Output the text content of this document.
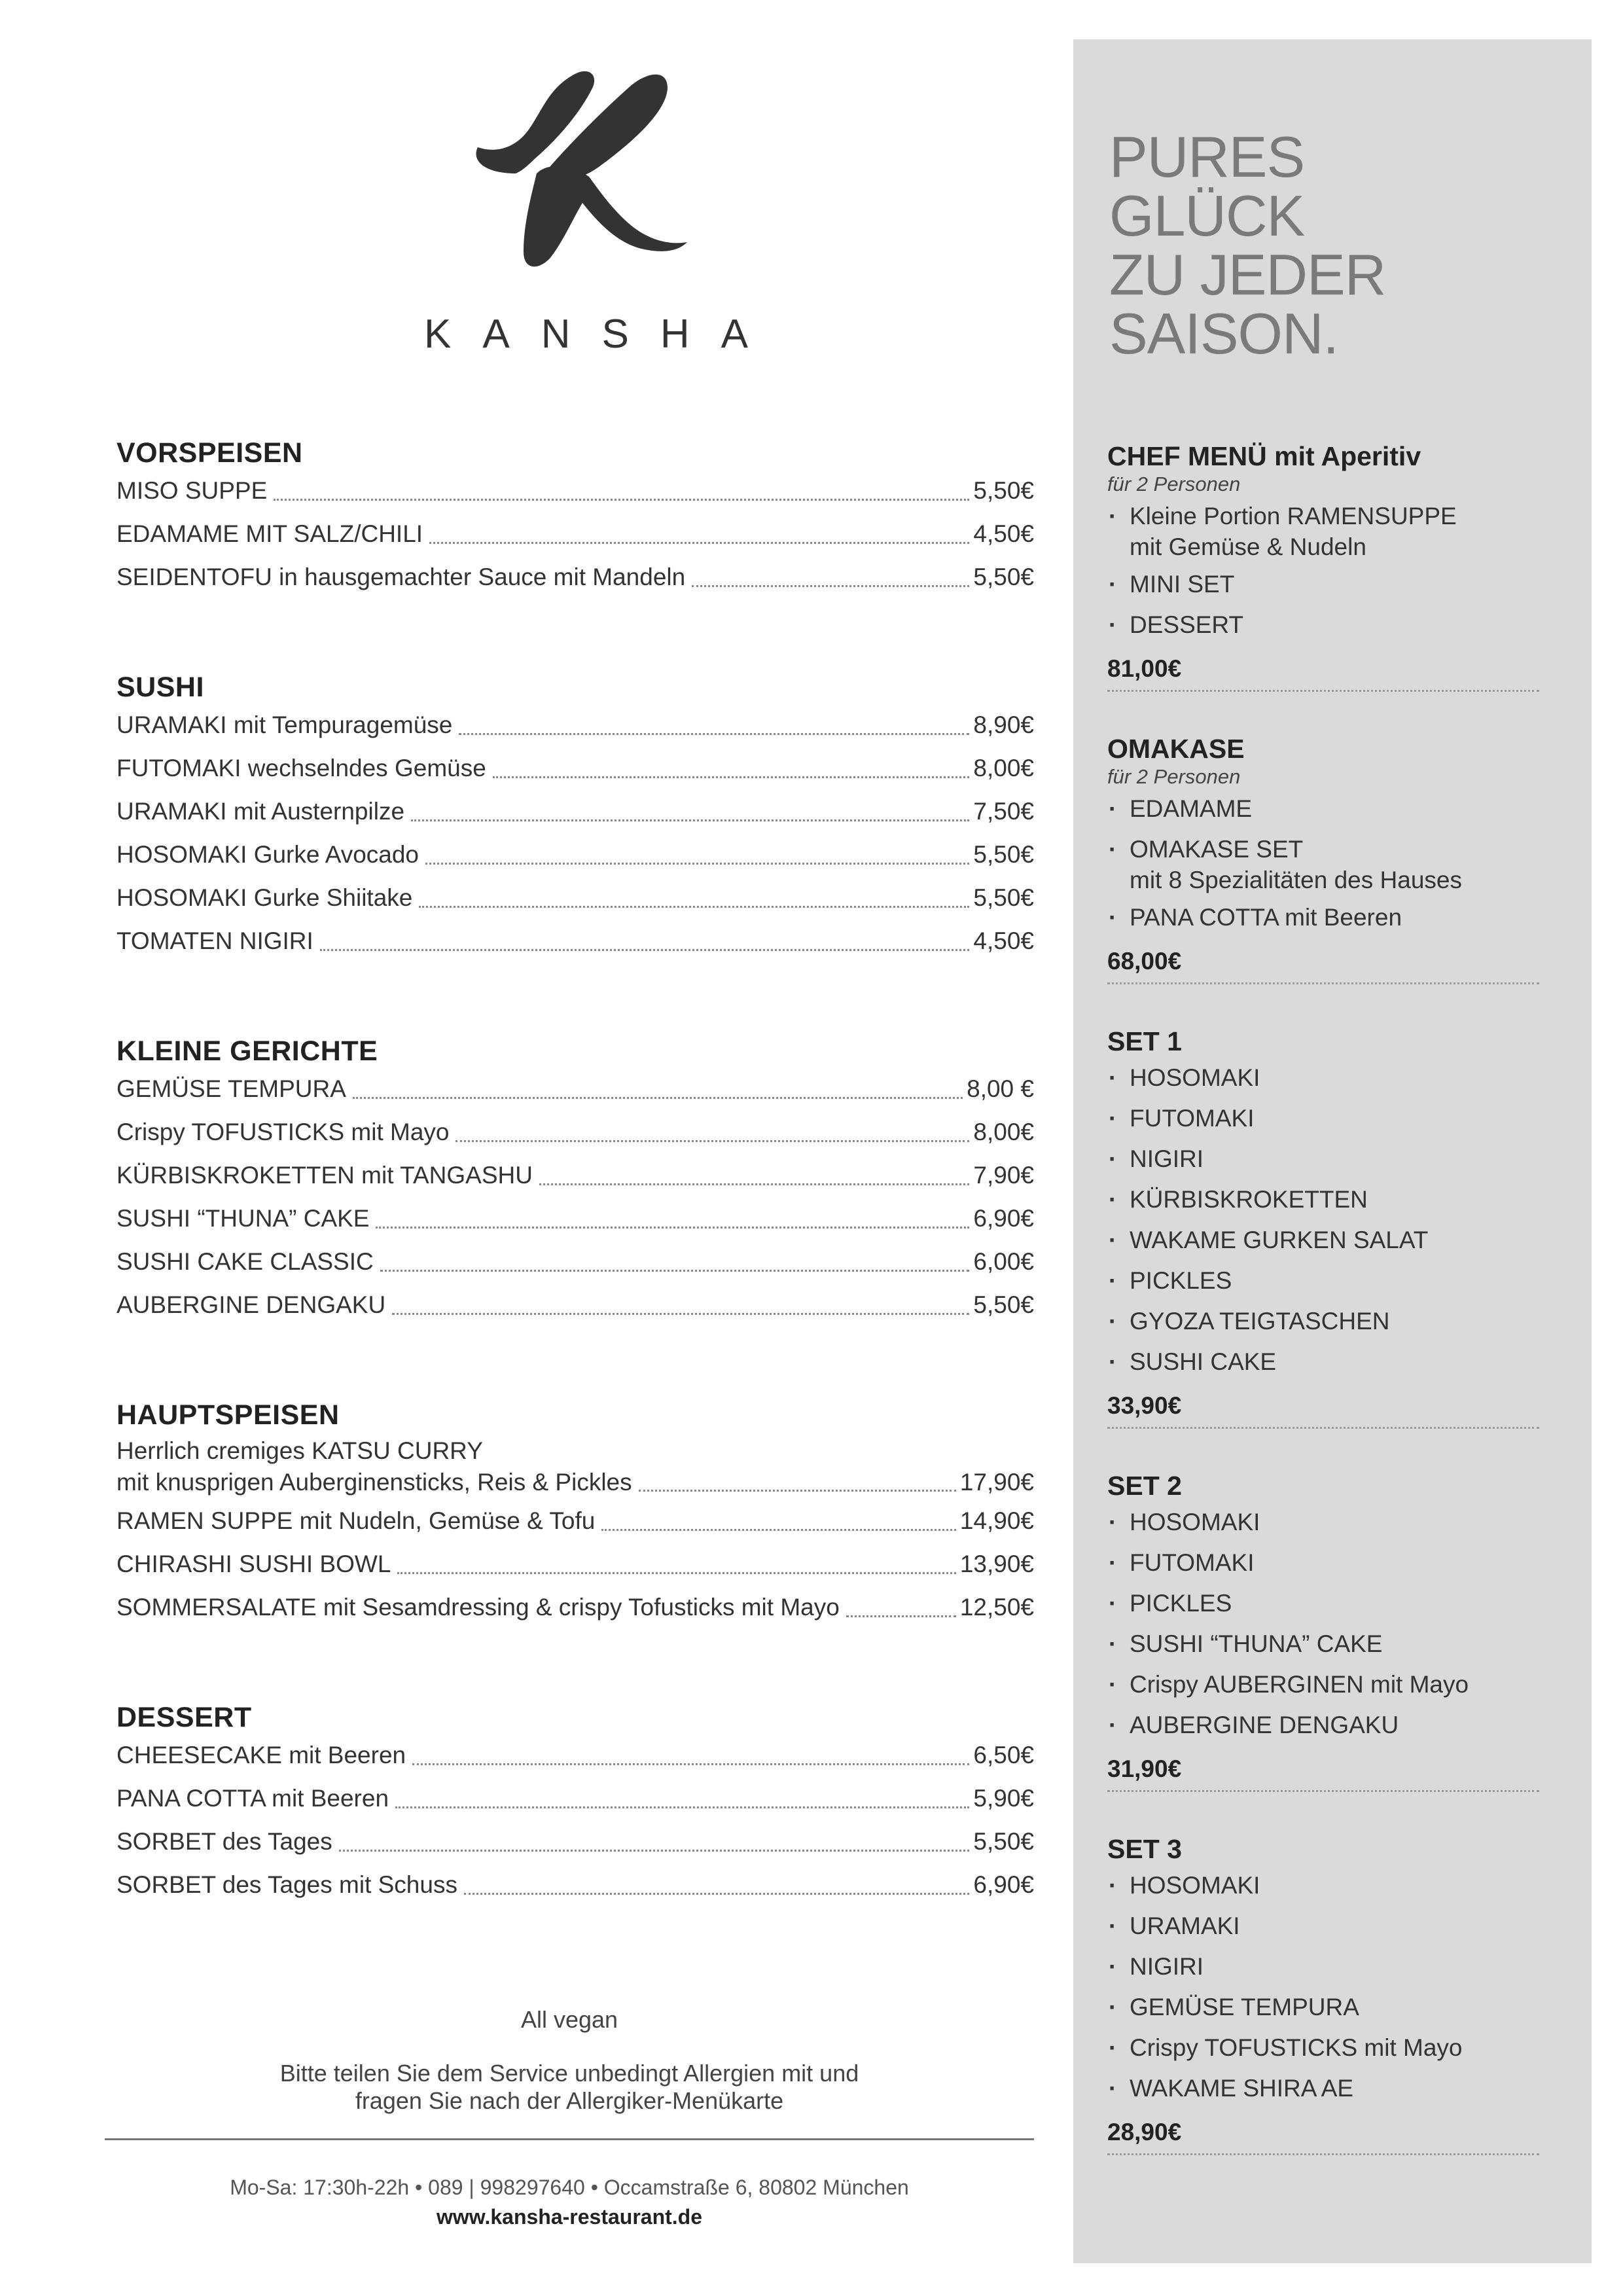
KANSHA
VORSPEISEN
MISO SUPPE	5,50€
EDAMAME MIT SALZ/CHILI	4,50€
SEIDENTOFU in hausgemachter Sauce mit Mandeln	5,50€
SUSHI
URAMAKI mit Tempuragemüse	8,90€
FUTOMAKI wechselndes Gemüse	8,00€
URAMAKI mit Austernpilze	7,50€
HOSOMAKI Gurke Avocado	5,50€
HOSOMAKI Gurke Shiitake	5,50€
TOMATEN NIGIRI	4,50€
KLEINE GERICHTE
GEMÜSE TEMPURA	8,00 €
Crispy TOFUSTICKS mit Mayo	8,00€
KÜRBISKROKETTEN mit TANGASHU	7,90€
SUSHI “THUNA” CAKE	6,90€
SUSHI CAKE CLASSIC	6,00€
AUBERGINE DENGAKU	5,50€
HAUPTSPEISEN
Herrlich cremiges KATSU CURRY
mit knusprigen Auberginensticks, Reis & Pickles	17,90€
RAMEN SUPPE mit Nudeln, Gemüse & Tofu	14,90€
CHIRASHI SUSHI BOWL	13,90€
SOMMERSALATE mit Sesamdressing & crispy Tofusticks mit Mayo	12,50€
DESSERT
CHEESECAKE mit Beeren	6,50€
PANA COTTA mit Beeren	5,90€
SORBET des Tages	5,50€
SORBET des Tages mit Schuss	6,90€
All vegan
Bitte teilen Sie dem Service unbedingt Allergien mit und
fragen Sie nach der Allergiker-Menükarte
Mo-Sa: 17:30h-22h • 089 | 998297640 • Occamstraße 6, 80802 München
www.kansha-restaurant.de
PURES
GLÜCK
ZU JEDER
SAISON.
CHEF MENÜ mit Aperitiv
für 2 Personen
· Kleine Portion RAMENSUPPE
mit Gemüse & Nudeln
· MINI SET
· DESSERT
81,00€
OMAKASE
für 2 Personen
· EDAMAME
· OMAKASE SET
mit 8 Spezialitäten des Hauses
· PANA COTTA mit Beeren
68,00€
SET 1
· HOSOMAKI
· FUTOMAKI
· NIGIRI
· KÜRBISKROKETTEN
· WAKAME GURKEN SALAT
· PICKLES
· GYOZA TEIGTASCHEN
· SUSHI CAKE
33,90€
SET 2
· HOSOMAKI
· FUTOMAKI
· PICKLES
· SUSHI “THUNA” CAKE
· Crispy AUBERGINEN mit Mayo
· AUBERGINE DENGAKU
31,90€
SET 3
· HOSOMAKI
· URAMAKI
· NIGIRI
· GEMÜSE TEMPURA
· Crispy TOFUSTICKS mit Mayo
· WAKAME SHIRA AE
28,90€
